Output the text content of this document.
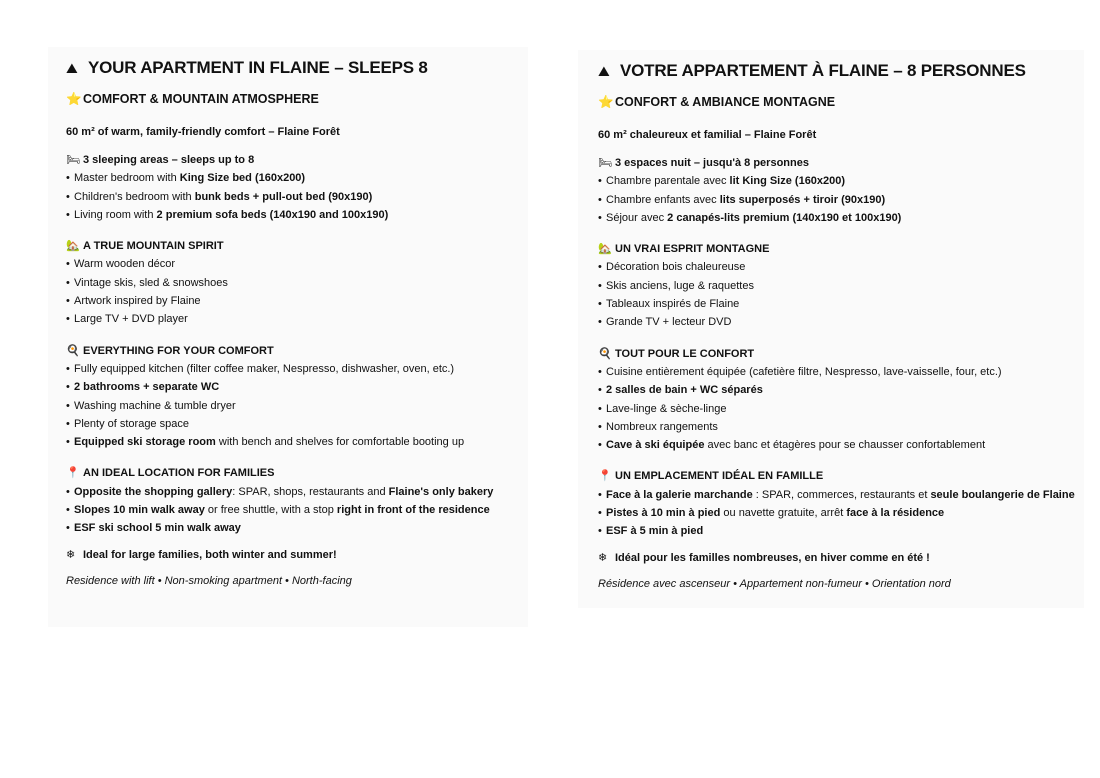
⛰ YOUR APARTMENT IN FLAINE – SLEEPS 8
⭐COMFORT & MOUNTAIN ATMOSPHERE
60 m² of warm, family-friendly comfort – Flaine Forêt
🛏 3 sleeping areas – sleeps up to 8
• Master bedroom with King Size bed (160x200)
• Children's bedroom with bunk beds + pull-out bed (90x190)
• Living room with 2 premium sofa beds (140x190 and 100x190)
🏡 A TRUE MOUNTAIN SPIRIT
• Warm wooden décor
• Vintage skis, sled & snowshoes
• Artwork inspired by Flaine
• Large TV + DVD player
🍳 EVERYTHING FOR YOUR COMFORT
• Fully equipped kitchen (filter coffee maker, Nespresso, dishwasher, oven, etc.)
• 2 bathrooms + separate WC
• Washing machine & tumble dryer
• Plenty of storage space
• Equipped ski storage room with bench and shelves for comfortable booting up
📍 AN IDEAL LOCATION FOR FAMILIES
• Opposite the shopping gallery: SPAR, shops, restaurants and Flaine's only bakery
• Slopes 10 min walk away or free shuttle, with a stop right in front of the residence
• ESF ski school 5 min walk away
❄ Ideal for large families, both winter and summer!
Residence with lift • Non-smoking apartment • North-facing
⛰ VOTRE APPARTEMENT À FLAINE – 8 PERSONNES
⭐CONFORT & AMBIANCE MONTAGNE
60 m² chaleureux et familial – Flaine Forêt
🛏 3 espaces nuit – jusqu'à 8 personnes
• Chambre parentale avec lit King Size (160x200)
• Chambre enfants avec lits superposés + tiroir (90x190)
• Séjour avec 2 canapés-lits premium (140x190 et 100x190)
🏡 UN VRAI ESPRIT MONTAGNE
• Décoration bois chaleureuse
• Skis anciens, luge & raquettes
• Tableaux inspirés de Flaine
• Grande TV + lecteur DVD
🍳 TOUT POUR LE CONFORT
• Cuisine entièrement équipée (cafetière filtre, Nespresso, lave-vaisselle, four, etc.)
• 2 salles de bain + WC séparés
• Lave-linge & sèche-linge
• Nombreux rangements
• Cave à ski équipée avec banc et étagères pour se chausser confortablement
📍 UN EMPLACEMENT IDÉAL EN FAMILLE
• Face à la galerie marchande : SPAR, commerces, restaurants et seule boulangerie de Flaine
• Pistes à 10 min à pied ou navette gratuite, arrêt face à la résidence
• ESF à 5 min à pied
❄ Idéal pour les familles nombreuses, en hiver comme en été !
Résidence avec ascenseur • Appartement non-fumeur • Orientation nord
